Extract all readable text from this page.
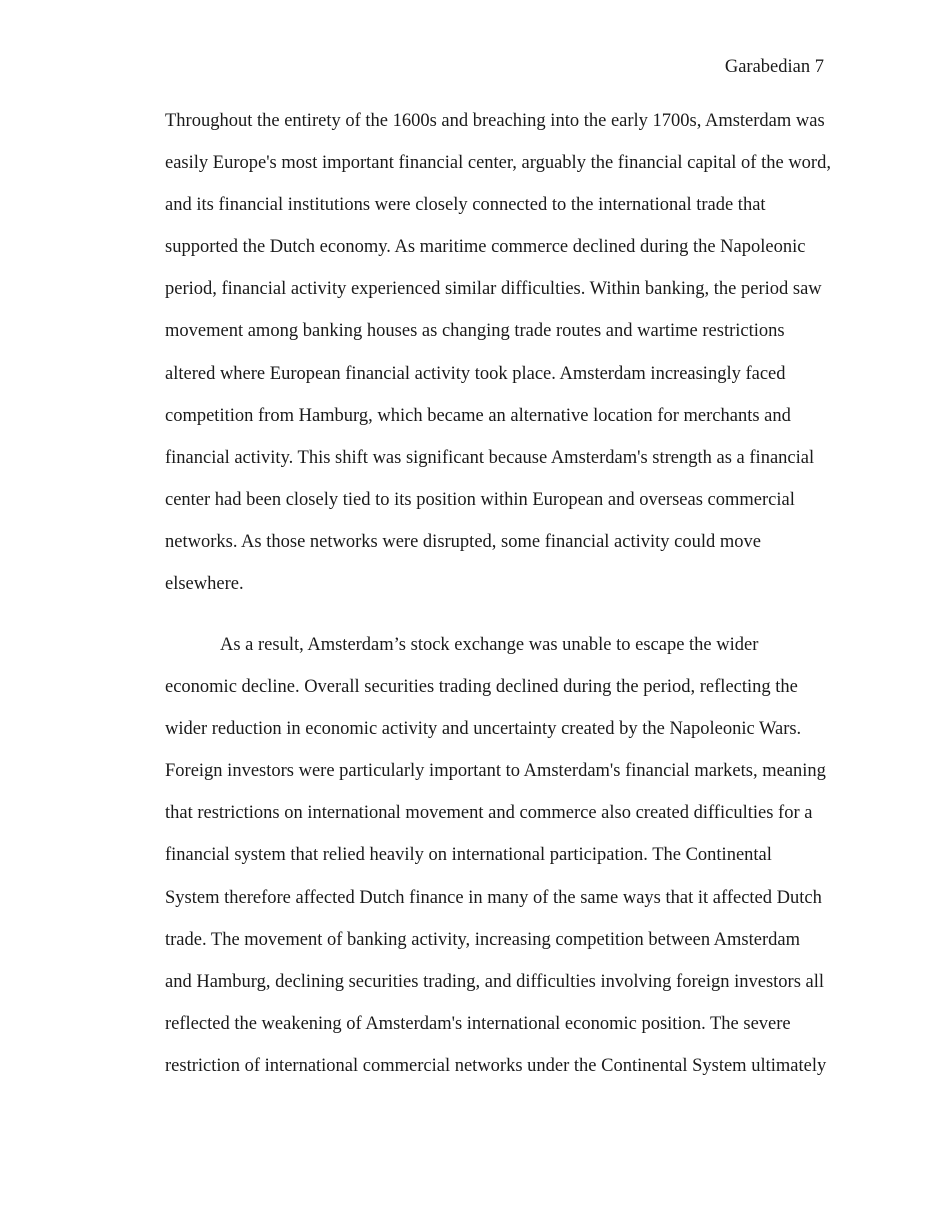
Garabedian 7
Throughout the entirety of the 1600s and breaching into the early 1700s, Amsterdam was
easily Europe's most important financial center, arguably the financial capital of the word,
and its financial institutions were closely connected to the international trade that
supported the Dutch economy. As maritime commerce declined during the Napoleonic
period, financial activity experienced similar difficulties. Within banking, the period saw
movement among banking houses as changing trade routes and wartime restrictions
altered where European financial activity took place. Amsterdam increasingly faced
competition from Hamburg, which became an alternative location for merchants and
financial activity. This shift was significant because Amsterdam's strength as a financial
center had been closely tied to its position within European and overseas commercial
networks. As those networks were disrupted, some financial activity could move
elsewhere.
As a result, Amsterdam’s stock exchange was unable to escape the wider
economic decline. Overall securities trading declined during the period, reflecting the
wider reduction in economic activity and uncertainty created by the Napoleonic Wars.
Foreign investors were particularly important to Amsterdam's financial markets, meaning
that restrictions on international movement and commerce also created difficulties for a
financial system that relied heavily on international participation. The Continental
System therefore affected Dutch finance in many of the same ways that it affected Dutch
trade. The movement of banking activity, increasing competition between Amsterdam
and Hamburg, declining securities trading, and difficulties involving foreign investors all
reflected the weakening of Amsterdam's international economic position. The severe
restriction of international commercial networks under the Continental System ultimately
